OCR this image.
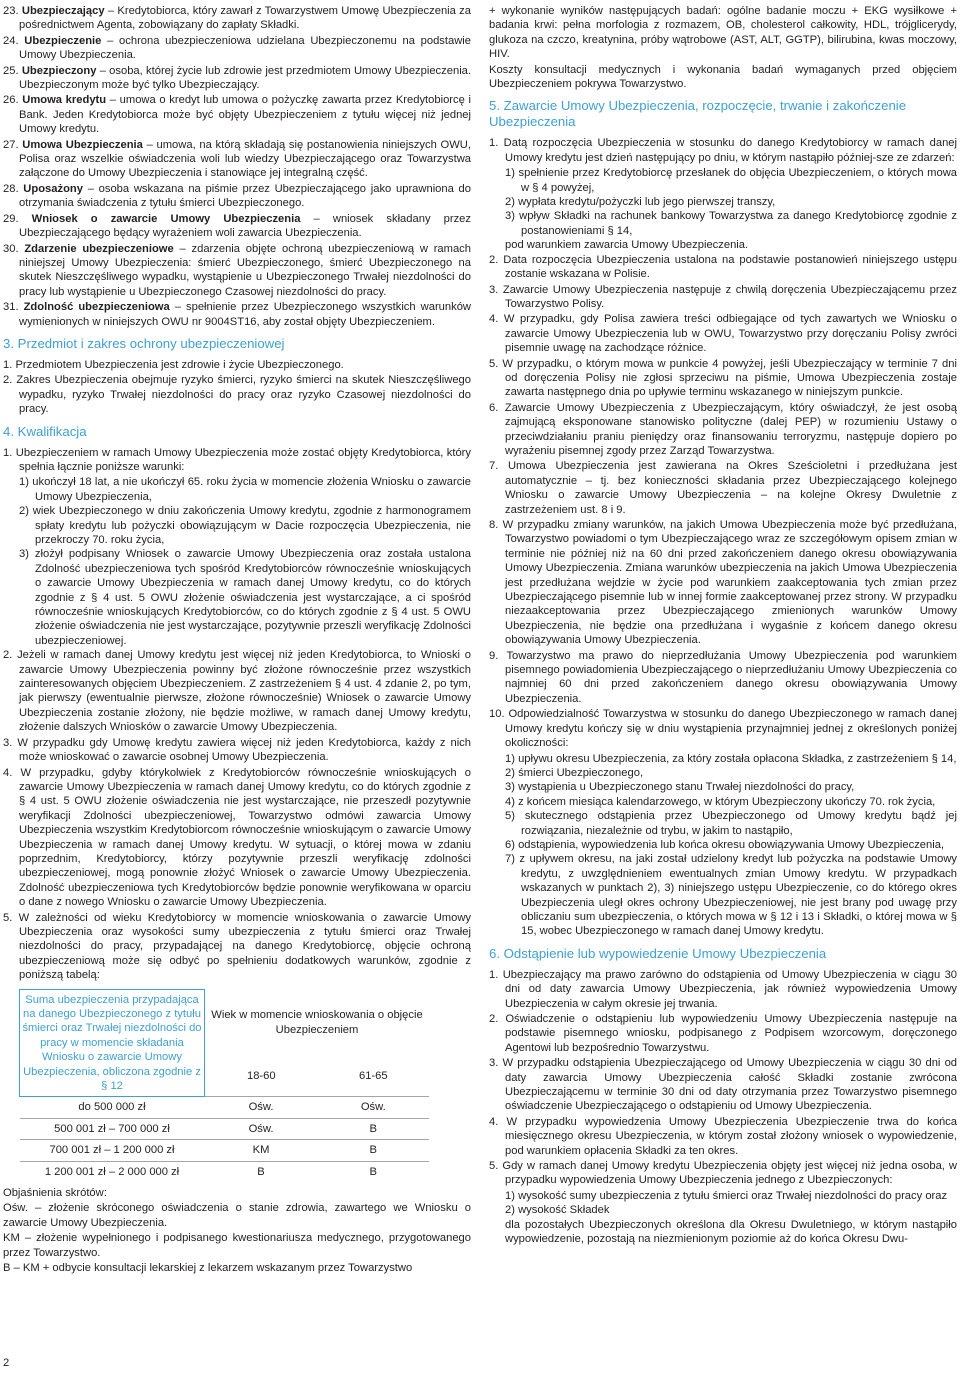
23. Ubezpieczający – Kredytobiorca, który zawarł z Towarzystwem Umowę Ubezpieczenia za pośrednictwem Agenta, zobowiązany do zapłaty Składki.

24. Ubezpieczenie – ochrona ubezpieczeniowa udzielana Ubezpieczonemu na podstawie Umowy Ubezpieczenia.

25. Ubezpieczony – osoba, której życie lub zdrowie jest przedmiotem Umowy Ubezpieczenia. Ubezpieczonym może być tylko Ubezpieczający.

26. Umowa kredytu – umowa o kredyt lub umowa o pożyczkę zawarta przez Kredytobiorcę i Bank. Jeden Kredytobiorca może być objęty Ubezpieczeniem z tytułu więcej niż jednej Umowy kredytu.

27. Umowa Ubezpieczenia – umowa, na którą składają się postanowienia niniejszych OWU, Polisa oraz wszelkie oświadczenia woli lub wiedzy Ubezpieczającego oraz Towarzystwa załączone do Umowy Ubezpieczenia i stanowiące jej integralną część.

28. Uposażony – osoba wskazana na piśmie przez Ubezpieczającego jako uprawniona do otrzymania świadczenia z tytułu śmierci Ubezpieczonego.

29. Wniosek o zawarcie Umowy Ubezpieczenia – wniosek składany przez Ubezpieczającego będący wyrażeniem woli zawarcia Ubezpieczenia.

30. Zdarzenie ubezpieczeniowe – zdarzenia objęte ochroną ubezpieczeniową w ramach niniejszej Umowy Ubezpieczenia: śmierć Ubezpieczonego, śmierć Ubezpieczonego na skutek Nieszczęśliwego wypadku, wystąpienie u Ubezpieczonego Trwałej niezdolności do pracy lub wystąpienie u Ubezpieczonego Czasowej niezdolności do pracy.

31. Zdolność ubezpieczeniowa – spełnienie przez Ubezpieczonego wszystkich warunków wymienionych w niniejszych OWU nr 9004ST16, aby został objęty Ubezpieczeniem.

3. Przedmiot i zakres ochrony ubezpieczeniowej

1. Przedmiotem Ubezpieczenia jest zdrowie i życie Ubezpieczonego.

2. Zakres Ubezpieczenia obejmuje ryzyko śmierci, ryzyko śmierci na skutek Nieszczęśliwego wypadku, ryzyko Trwałej niezdolności do pracy oraz ryzyko Czasowej niezdolności do pracy.

4. Kwalifikacja

1. Ubezpieczeniem w ramach Umowy Ubezpieczenia może zostać objęty Kredytobiorca, który spełnia łącznie poniższe warunki:

1) ukończył 18 lat, a nie ukończył 65. roku życia w momencie złożenia Wniosku o zawarcie Umowy Ubezpieczenia,

2) wiek Ubezpieczonego w dniu zakończenia Umowy kredytu, zgodnie z harmonogramem spłaty kredytu lub pożyczki obowiązującym w Dacie rozpoczęcia Ubezpieczenia, nie przekroczy 70. roku życia,

3) złożył podpisany Wniosek o zawarcie Umowy Ubezpieczenia oraz została ustalona Zdolność ubezpieczeniowa tych spośród Kredytobiorców równocześnie wnioskujących o zawarcie Umowy Ubezpieczenia w ramach danej Umowy kredytu, co do których zgodnie z § 4 ust. 5 OWU złożenie oświadczenia jest wystarczające, a ci spośród równocześnie wnioskujących Kredytobiorców, co do których zgodnie z § 4 ust. 5 OWU złożenie oświadczenia nie jest wystarczające, pozytywnie przeszli weryfikację Zdolności ubezpieczeniowej.

2. Jeżeli w ramach danej Umowy kredytu jest więcej niż jeden Kredytobiorca, to Wnioski o zawarcie Umowy Ubezpieczenia powinny być złożone równocześnie przez wszystkich zainteresowanych objęciem Ubezpieczeniem. Z zastrzeżeniem § 4 ust. 4 zdanie 2, po tym, jak pierwszy (ewentualnie pierwsze, złożone równocześnie) Wniosek o zawarcie Umowy Ubezpieczenia zostanie złożony, nie będzie możliwe, w ramach danej Umowy kredytu, złożenie dalszych Wniosków o zawarcie Umowy Ubezpieczenia.

3. W przypadku gdy Umowę kredytu zawiera więcej niż jeden Kredytobiorca, każdy z nich może wnioskować o zawarcie osobnej Umowy Ubezpieczenia.

4. W przypadku, gdyby którykolwiek z Kredytobiorców równocześnie wnioskujących o zawarcie Umowy Ubezpieczenia w ramach danej Umowy kredytu, co do których zgodnie z § 4 ust. 5 OWU złożenie oświadczenia nie jest wystarczające, nie przeszedł pozytywnie weryfikacji Zdolności ubezpieczeniowej, Towarzystwo odmówi zawarcia Umowy Ubezpieczenia wszystkim Kredytobiorcom równocześnie wnioskującym o zawarcie Umowy Ubezpieczenia w ramach danej Umowy kredytu. W sytuacji, o której mowa w zdaniu poprzednim, Kredytobiorcy, którzy pozytywnie przeszli weryfikację zdolności ubezpieczeniowej, mogą ponownie złożyć Wniosek o zawarcie Umowy Ubezpieczenia. Zdolność ubezpieczeniowa tych Kredytobiorców będzie ponownie weryfikowana w oparciu o dane z nowego Wniosku o zawarcie Umowy Ubezpieczenia.

5. W zależności od wieku Kredytobiorcy w momencie wnioskowania o zawarcie Umowy Ubezpieczenia oraz wysokości sumy ubezpieczenia z tytułu śmierci oraz Trwałej niezdolności do pracy, przypadającej na danego Kredytobiorcę, objęcie ochroną ubezpieczeniową może się odbyć po spełnieniu dodatkowych warunków, zgodnie z poniższą tabelą:

Suma ubezpieczenia przypadająca na danego Ubezpieczonego z tytułu śmierci oraz Trwałej niezdolności do pracy w momencie składania Wniosku o zawarcie Umowy Ubezpieczenia, obliczona zgodnie z § 12	Wiek w momencie wnioskowania o objęcie Ubezpieczeniem	
	18-60	61-65
do 500 000 zł	Ośw.	Ośw.
500 001 zł – 700 000 zł	Ośw.	B
700 001 zł – 1 200 000 zł	KM	B
1 200 001 zł – 2 000 000 zł	B	B

Objaśnienia skrótów:

Ośw. – złożenie skróconego oświadczenia o stanie zdrowia, zawartego we Wniosku o zawarcie Umowy Ubezpieczenia.

KM – złożenie wypełnionego i podpisanego kwestionariusza medycznego, przygotowanego przez Towarzystwo.

B – KM + odbycie konsultacji lekarskiej z lekarzem wskazanym przez Towarzystwo

+ wykonanie wyników następujących badań: ogólne badanie moczu + EKG wysiłkowe + badania krwi: pełna morfologia z rozmazem, OB, cholesterol całkowity, HDL, trójglicerydy, glukoza na czczo, kreatynina, próby wątrobowe (AST, ALT, GGTP), bilirubina, kwas moczowy, HIV.

Koszty konsultacji medycznych i wykonania badań wymaganych przed objęciem Ubezpieczeniem pokrywa Towarzystwo.

5. Zawarcie Umowy Ubezpieczenia, rozpoczęcie, trwanie i zakończenie Ubezpieczenia

1. Datą rozpoczęcia Ubezpieczenia w stosunku do danego Kredytobiorcy w ramach danej Umowy kredytu jest dzień następujący po dniu, w którym nastąpiło później-sze ze zdarzeń:

1) spełnienie przez Kredytobiorcę przesłanek do objęcia Ubezpieczeniem, o których mowa w § 4 powyżej,

2) wypłata kredytu/pożyczki lub jego pierwszej transzy,

3) wpływ Składki na rachunek bankowy Towarzystwa za danego Kredytobiorcę zgodnie z postanowieniami § 14,

pod warunkiem zawarcia Umowy Ubezpieczenia.

2. Data rozpoczęcia Ubezpieczenia ustalona na podstawie postanowień niniejszego ustępu zostanie wskazana w Polisie.

3. Zawarcie Umowy Ubezpieczenia następuje z chwilą doręczenia Ubezpieczającemu przez Towarzystwo Polisy.

4. W przypadku, gdy Polisa zawiera treści odbiegające od tych zawartych we Wniosku o zawarcie Umowy Ubezpieczenia lub w OWU, Towarzystwo przy doręczaniu Polisy zwróci pisemnie uwagę na zachodzące różnice.

5. W przypadku, o którym mowa w punkcie 4 powyżej, jeśli Ubezpieczający w terminie 7 dni od doręczenia Polisy nie zgłosi sprzeciwu na piśmie, Umowa Ubezpieczenia zostaje zawarta następnego dnia po upływie terminu wskazanego w niniejszym punkcie.

6. Zawarcie Umowy Ubezpieczenia z Ubezpieczającym, który oświadczył, że jest osobą zajmującą eksponowane stanowisko polityczne (dalej PEP) w rozumieniu Ustawy o przeciwdziałaniu praniu pieniędzy oraz finansowaniu terroryzmu, następuje dopiero po wyrażeniu pisemnej zgody przez Zarząd Towarzystwa.

7. Umowa Ubezpieczenia jest zawierana na Okres Sześcioletni i przedłużana jest automatycznie – tj. bez konieczności składania przez Ubezpieczającego kolejnego Wniosku o zawarcie Umowy Ubezpieczenia – na kolejne Okresy Dwuletnie z zastrzeżeniem ust. 8 i 9.

8. W przypadku zmiany warunków, na jakich Umowa Ubezpieczenia może być przedłużana, Towarzystwo powiadomi o tym Ubezpieczającego wraz ze szczegółowym opisem zmian w terminie nie później niż na 60 dni przed zakończeniem danego okresu obowiązywania Umowy Ubezpieczenia. Zmiana warunków ubezpieczenia na jakich Umowa Ubezpieczenia jest przedłużana wejdzie w życie pod warunkiem zaakceptowania tych zmian przez Ubezpieczającego pisemnie lub w innej formie zaakceptowanej przez strony. W przypadku niezaakceptowania przez Ubezpieczającego zmienionych warunków Umowy Ubezpieczenia, nie będzie ona przedłużana i wygaśnie z końcem danego okresu obowiązywania Umowy Ubezpieczenia.

9. Towarzystwo ma prawo do nieprzedłużania Umowy Ubezpieczenia pod warunkiem pisemnego powiadomienia Ubezpieczającego o nieprzedłużaniu Umowy Ubezpieczenia co najmniej 60 dni przed zakończeniem danego okresu obowiązywania Umowy Ubezpieczenia.

10. Odpowiedzialność Towarzystwa w stosunku do danego Ubezpieczonego w ramach danej Umowy kredytu kończy się w dniu wystąpienia przynajmniej jednej z określonych poniżej okoliczności:

1) upływu okresu Ubezpieczenia, za który została opłacona Składka, z zastrzeżeniem § 14,

2) śmierci Ubezpieczonego,

3) wystąpienia u Ubezpieczonego stanu Trwałej niezdolności do pracy,

4) z końcem miesiąca kalendarzowego, w którym Ubezpieczony ukończy 70. rok życia,

5) skutecznego odstąpienia przez Ubezpieczonego od Umowy kredytu bądź jej rozwiązania, niezależnie od trybu, w jakim to nastąpiło,

6) odstąpienia, wypowiedzenia lub końca okresu obowiązywania Umowy Ubezpieczenia,

7) z upływem okresu, na jaki został udzielony kredyt lub pożyczka na podstawie Umowy kredytu, z uwzględnieniem ewentualnych zmian Umowy kredytu. W przypadkach wskazanych w punktach 2), 3) niniejszego ustępu Ubezpieczenie, co do którego okres Ubezpieczenia uległ okres ochrony Ubezpieczeniowej, nie jest brany pod uwagę przy obliczaniu sum ubezpieczenia, o których mowa w § 12 i 13 i Składki, o której mowa w § 15, wobec Ubezpieczonego w ramach danej Umowy kredytu.

6. Odstąpienie lub wypowiedzenie Umowy Ubezpieczenia

1. Ubezpieczający ma prawo zarówno do odstąpienia od Umowy Ubezpieczenia w ciągu 30 dni od daty zawarcia Umowy Ubezpieczenia, jak również wypowiedzenia Umowy Ubezpieczenia w całym okresie jej trwania.

2. Oświadczenie o odstąpieniu lub wypowiedzeniu Umowy Ubezpieczenia następuje na podstawie pisemnego wniosku, podpisanego z Podpisem wzorcowym, doręczonego Agentowi lub bezpośrednio Towarzystwu.

3. W przypadku odstąpienia Ubezpieczającego od Umowy Ubezpieczenia w ciągu 30 dni od daty zawarcia Umowy Ubezpieczenia całość Składki zostanie zwrócona Ubezpieczającemu w terminie 30 dni od daty otrzymania przez Towarzystwo pisemnego oświadczenie Ubezpieczającego o odstąpieniu od Umowy Ubezpieczenia.

4. W przypadku wypowiedzenia Umowy Ubezpieczenia Ubezpieczenie trwa do końca miesięcznego okresu Ubezpieczenia, w którym został złożony wniosek o wypowiedzenie, pod warunkiem opłacenia Składki za ten okres.

5. Gdy w ramach danej Umowy kredytu Ubezpieczenia objęty jest więcej niż jedna osoba, w przypadku wypowiedzenia Umowy Ubezpieczenia jednego z Ubezpieczonych:

1) wysokość sumy ubezpieczenia z tytułu śmierci oraz Trwałej niezdolności do pracy oraz

2) wysokość Składek

dla pozostałych Ubezpieczonych określona dla Okresu Dwuletniego, w którym nastąpiło wypowiedzenie, pozostają na niezmienionym poziomie aż do końca Okresu Dwu-

2
